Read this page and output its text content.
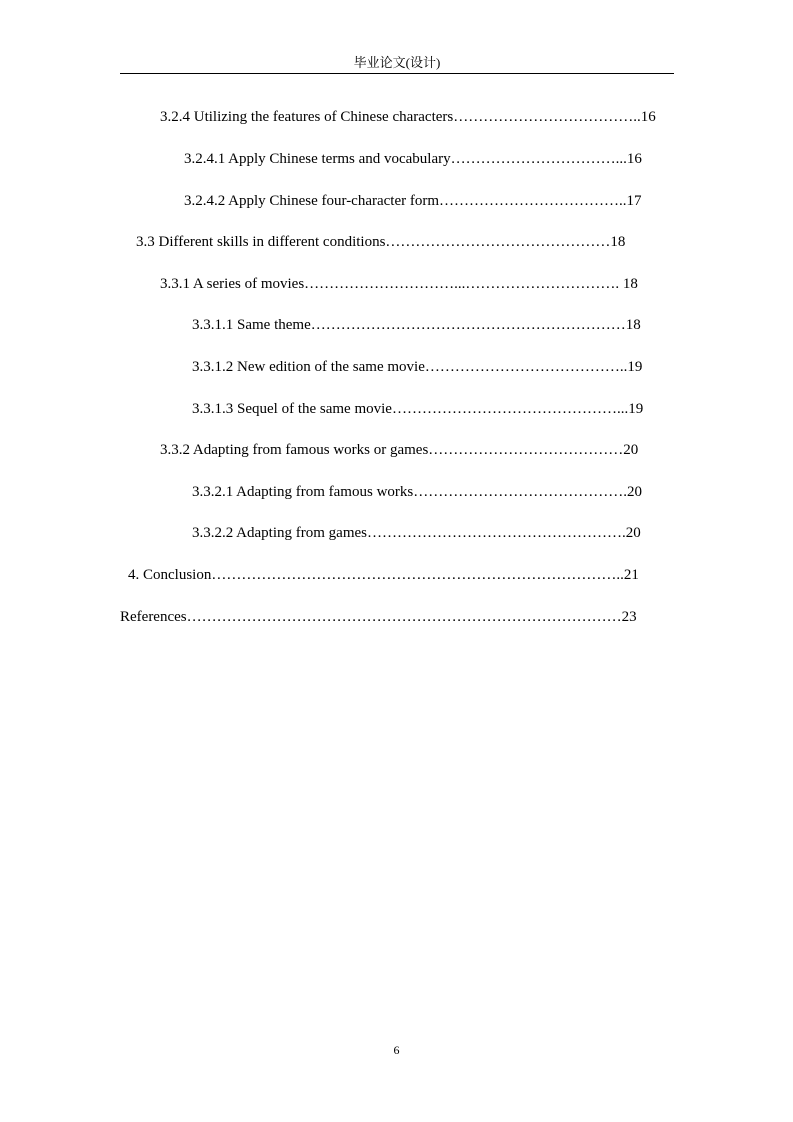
毕业论文(设计)
3.2.4 Utilizing the features of Chinese characters………………………………..16
3.2.4.1 Apply Chinese terms and vocabulary……………………………...16
3.2.4.2 Apply Chinese four-character form………………………………..17
3.3 Different skills in different conditions………………………………………18
3.3.1 A series of movies…………………………...…………………………. 18
3.3.1.1 Same theme………………………………………………………18
3.3.1.2 New edition of the same movie…………………………………..19
3.3.1.3 Sequel of the same movie………………………………………...19
3.3.2 Adapting from famous works or games…………………………………20
3.3.2.1 Adapting from famous works…………………………………….20
3.3.2.2 Adapting from games…………………………………………….20
4. Conclusion………………………………………………………………………..21
References……………………………………………………………………………23
6
